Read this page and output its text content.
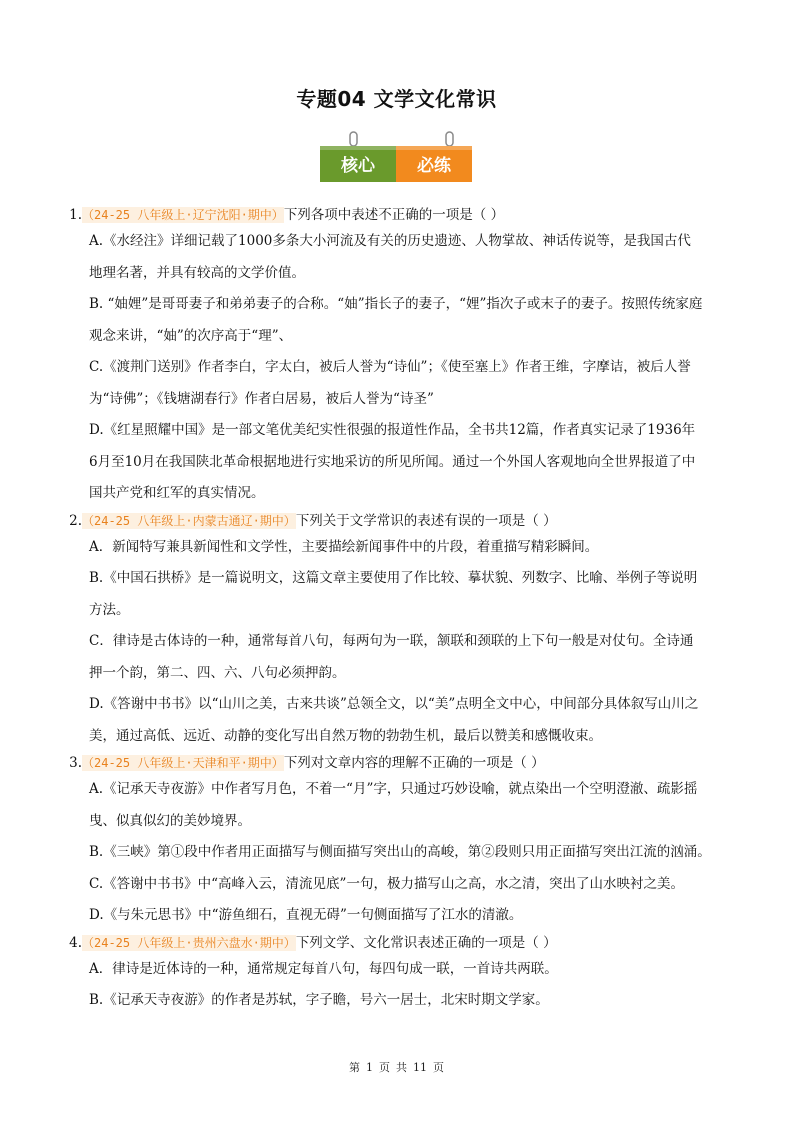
专题04 文学文化常识
核心 必练
1.（24-25 八年级上·辽宁沈阳·期中）下列各项中表述不正确的一项是（ ）
A.《水经注》详细记载了1000多条大小河流及有关的历史遗迹、人物掌故、神话传说等，是我国古代
地理名著，并具有较高的文学价值。
B. “妯娌”是哥哥妻子和弟弟妻子的合称。“妯”指长子的妻子，“娌”指次子或末子的妻子。按照传统家庭
观念来讲，“妯”的次序高于“理”、
C.《渡荆门送别》作者李白，字太白，被后人誉为“诗仙”；《使至塞上》作者王维，字摩诘，被后人誉
为“诗佛”；《钱塘湖春行》作者白居易，被后人誉为“诗圣”
D.《红星照耀中国》是一部文笔优美纪实性很强的报道性作品，全书共12篇，作者真实记录了1936年
6月至10月在我国陕北革命根据地进行实地采访的所见所闻。通过一个外国人客观地向全世界报道了中
国共产党和红军的真实情况。
2.（24-25 八年级上·内蒙古通辽·期中）下列关于文学常识的表述有误的一项是（ ）
A．新闻特写兼具新闻性和文学性，主要描绘新闻事件中的片段，着重描写精彩瞬间。
B.《中国石拱桥》是一篇说明文，这篇文章主要使用了作比较、摹状貌、列数字、比喻、举例子等说明
方法。
C．律诗是古体诗的一种，通常每首八句，每两句为一联，颔联和颈联的上下句一般是对仗句。全诗通
押一个韵，第二、四、六、八句必须押韵。
D.《答谢中书书》以“山川之美，古来共谈”总领全文，以“美”点明全文中心，中间部分具体叙写山川之
美，通过高低、远近、动静的变化写出自然万物的勃勃生机，最后以赞美和感慨收束。
3.（24-25 八年级上·天津和平·期中）下列对文章内容的理解不正确的一项是（ ）
A.《记承天寺夜游》中作者写月色，不着一“月”字，只通过巧妙设喻，就点染出一个空明澄澈、疏影摇
曳、似真似幻的美妙境界。
B.《三峡》第①段中作者用正面描写与侧面描写突出山的高峻，第②段则只用正面描写突出江流的汹涌。
C.《答谢中书书》中“高峰入云，清流见底”一句，极力描写山之高，水之清，突出了山水映衬之美。
D.《与朱元思书》中“游鱼细石，直视无碍”一句侧面描写了江水的清澈。
4.（24-25 八年级上·贵州六盘水·期中）下列文学、文化常识表述正确的一项是（ ）
A．律诗是近体诗的一种，通常规定每首八句，每四句成一联，一首诗共两联。
B.《记承天寺夜游》的作者是苏轼，字子瞻，号六一居士，北宋时期文学家。
第 1 页 共 11 页
